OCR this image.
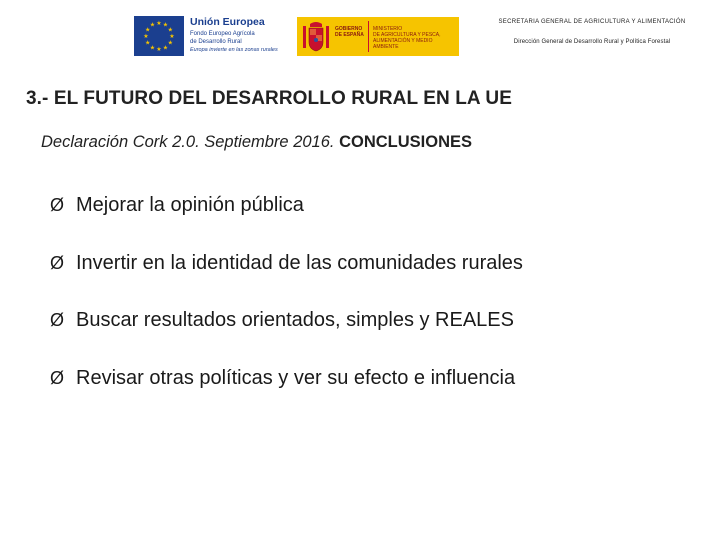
★ ★
★
★
★
★
★
★
★
★
★
★	Unión Europea
Fondo Europeo Agrícola
de Desarrollo Rural
Europa invierte en las zonas rurales
GOBIERNO
DE ESPAÑA
MINISTERIO
DE AGRICULTURA Y PESCA,
ALIMENTACIÓN Y MEDIO AMBIENTE
SECRETARIA GENERAL DE AGRICULTURA Y ALIMENTACIÓN
Dirección General de Desarrollo Rural y Política Forestal
3.- EL FUTURO DEL DESARROLLO RURAL EN LA UE
Declaración Cork 2.0. Septiembre 2016. CONCLUSIONES
Ø Mejorar la opinión pública
Ø Invertir en la identidad de las comunidades rurales
Ø Buscar resultados orientados, simples y REALES
Ø Revisar otras políticas y ver su efecto e influencia
